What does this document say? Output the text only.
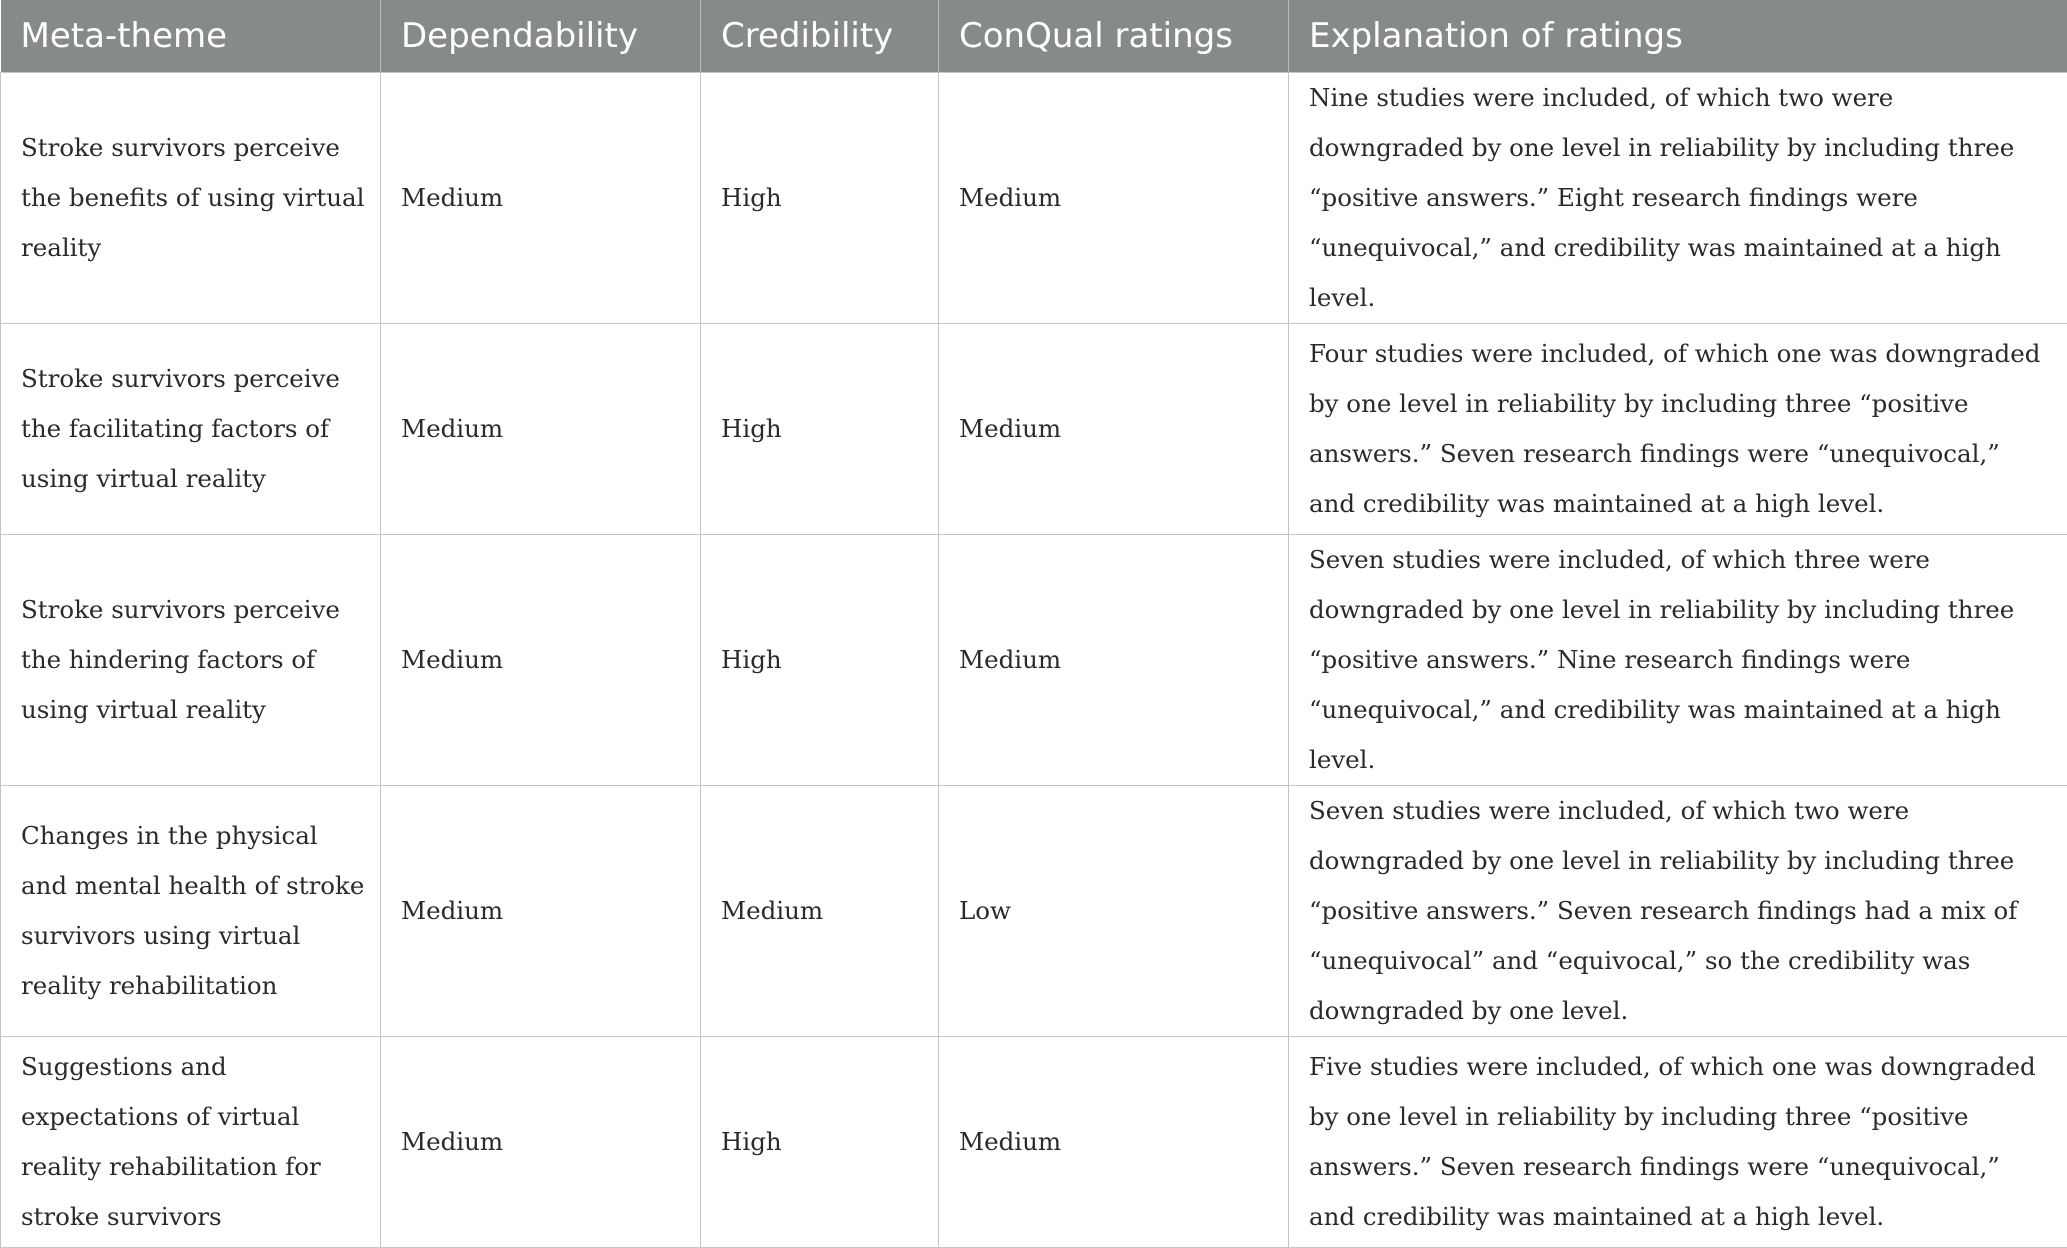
Meta-theme	Dependability	Credibility	ConQual ratings	Explanation of ratings
Stroke survivors perceive the benefits of using virtual reality	Medium	High	Medium	Nine studies were included, of which two were downgraded by one level in reliability by including three “positive answers.” Eight research findings were “unequivocal,” and credibility was maintained at a high level.
Stroke survivors perceive the facilitating factors of using virtual reality	Medium	High	Medium	Four studies were included, of which one was downgraded by one level in reliability by including three “positive answers.” Seven research findings were “unequivocal,” and credibility was maintained at a high level.
Stroke survivors perceive the hindering factors of using virtual reality	Medium	High	Medium	Seven studies were included, of which three were downgraded by one level in reliability by including three “positive answers.” Nine research findings were “unequivocal,” and credibility was maintained at a high level.
Changes in the physical and mental health of stroke survivors using virtual reality rehabilitation	Medium	Medium	Low	Seven studies were included, of which two were downgraded by one level in reliability by including three “positive answers.” Seven research findings had a mix of “unequivocal” and “equivocal,” so the credibility was downgraded by one level.
Suggestions and expectations of virtual reality rehabilitation for stroke survivors	Medium	High	Medium	Five studies were included, of which one was downgraded by one level in reliability by including three “positive answers.” Seven research findings were “unequivocal,” and credibility was maintained at a high level.
